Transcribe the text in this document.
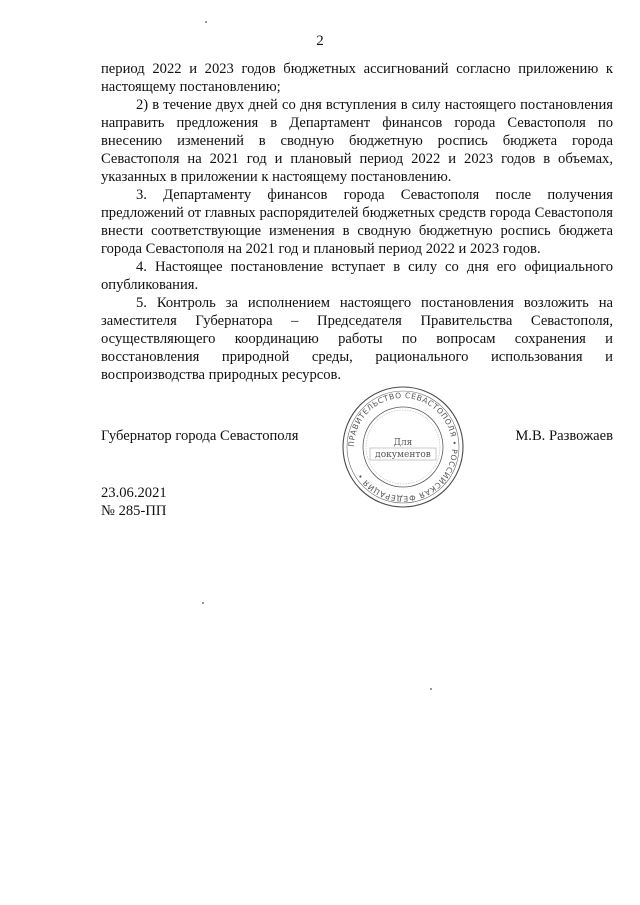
2

период 2022 и 2023 годов бюджетных ассигнований согласно приложению к настоящему постановлению;

2) в течение двух дней со дня вступления в силу настоящего постановления направить предложения в Департамент финансов города Севастополя по внесению изменений в сводную бюджетную роспись бюджета города Севастополя на 2021 год и плановый период 2022 и 2023 годов в объемах, указанных в приложении к настоящему постановлению.

3. Департаменту финансов города Севастополя после получения предложений от главных распорядителей бюджетных средств города Севастополя внести соответствующие изменения в сводную бюджетную роспись бюджета города Севастополя на 2021 год и плановый период 2022 и 2023 годов.

4. Настоящее постановление вступает в силу со дня его официального опубликования.

5. Контроль за исполнением настоящего постановления возложить на заместителя Губернатора – Председателя Правительства Севастополя, осуществляющего координацию работы по вопросам сохранения и восстановления природной среды, рационального использования и воспроизводства природных ресурсов.

Губернатор города Севастополя	ПРАВИТЕЛЬСТВО СЕВАСТОПОЛЯ • РОССИЙСКАЯ ФЕДЕРАЦИЯ •
Для
документов
М.В. Развожаев
23.06.2021
№ 285-ПП
